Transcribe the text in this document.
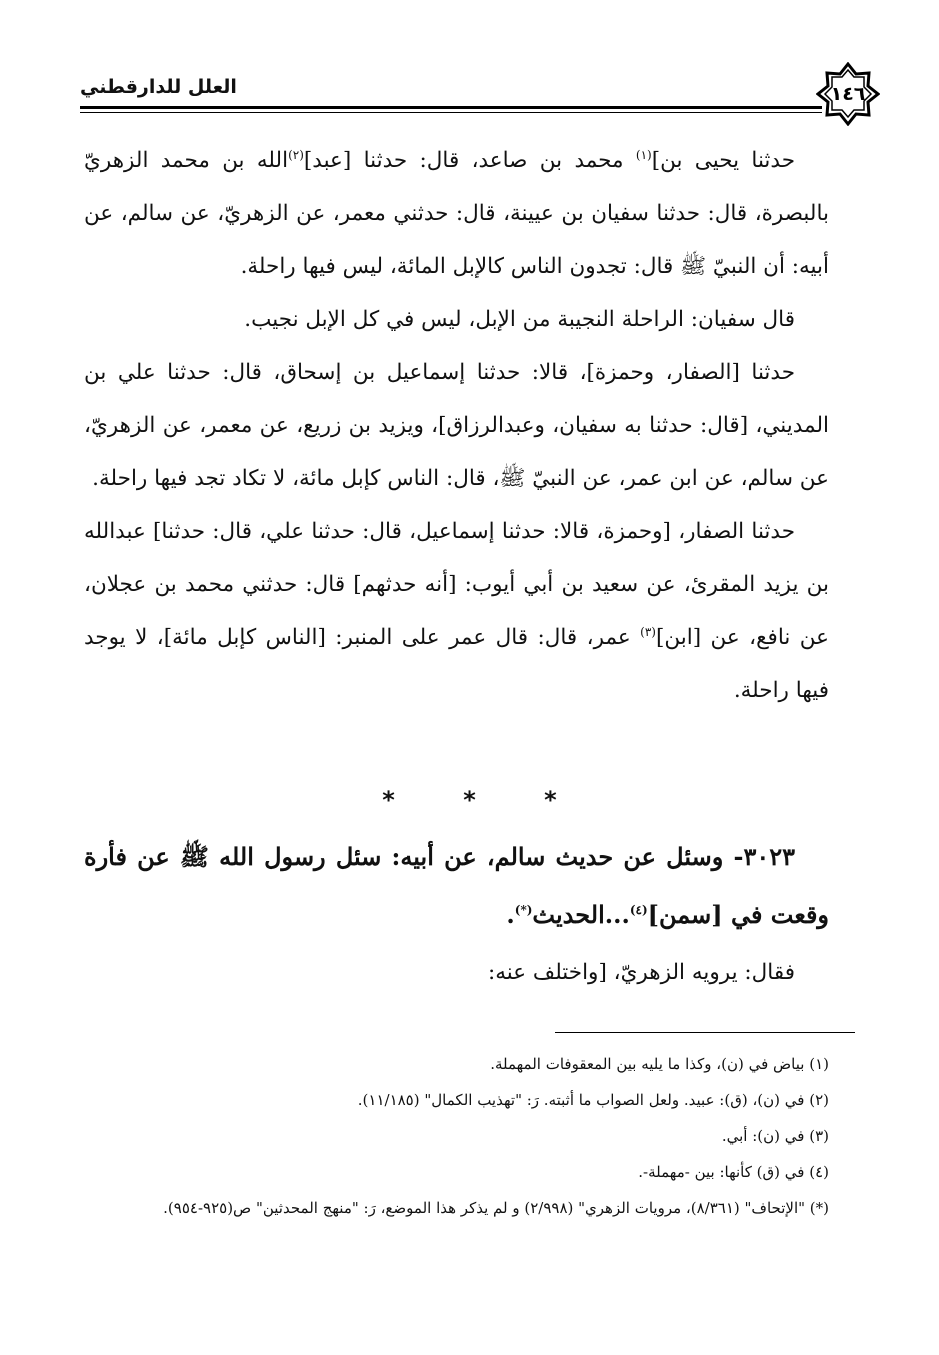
١٤٦
العلل للدارقطني

حدثنا يحيى بن]$^{(١)}$ محمد بن صاعد، قال: حدثنا [عبد]$^{(٢)}$الله بن محمد الزهريّ بالبصرة، قال: حدثنا سفيان بن عيينة، قال: حدثني معمر، عن الزهريّ، عن سالم، عن أبيه: أن النبيّ ﷺ قال: تجدون الناس كالإبل المائة، ليس فيها راحلة.

قال سفيان: الراحلة النجيبة من الإبل، ليس في كل الإبل نجيب.

حدثنا [الصفار، وحمزة]، قالا: حدثنا إسماعيل بن إسحاق، قال: حدثنا علي بن المديني، [قال: حدثنا به سفيان، وعبدالرزاق]، ويزيد بن زريع، عن معمر، عن الزهريّ، عن سالم، عن ابن عمر، عن النبيّ ﷺ، قال: الناس كإبل مائة، لا تكاد تجد فيها راحلة.

حدثنا الصفار، [وحمزة، قالا: حدثنا إسماعيل، قال: حدثنا علي، قال: حدثنا] عبدالله بن يزيد المقرئ، عن سعيد بن أبي أيوب: [أنه حدثهم] قال: حدثني محمد بن عجلان، عن نافع، عن [ابن]$^{(٣)}$ عمر، قال: قال عمر على المنبر: [الناس كإبل مائة]، لا يوجد فيها راحلة.

* * *

٣٠٢٣- وسئل عن حديث سالم، عن أبيه: سئل رسول الله ﷺ عن فأرة وقعت في [سمن]$^{(٤)}$...الحديث(*).

فقال: يرويه الزهريّ، [واختلف عنه:

(١) بياض في (ن)، وكذا ما يليه بين المعقوفات المهملة.

(٢) في (ن)، (ق): عبيد. ولعل الصواب ما أثبته. رَ: "تهذيب الكمال" (١١/١٨٥).

(٣) في (ن): أبي.

(٤) في (ق) كأنها: بين -مهملة-.

(*) "الإتحاف" (٨/٣٦١)، مرويات الزهري" (٢/٩٩٨) و لم يذكر هذا الموضع، رَ: "منهج المحدثين" ص(٩٢٥-٩٥٤).
